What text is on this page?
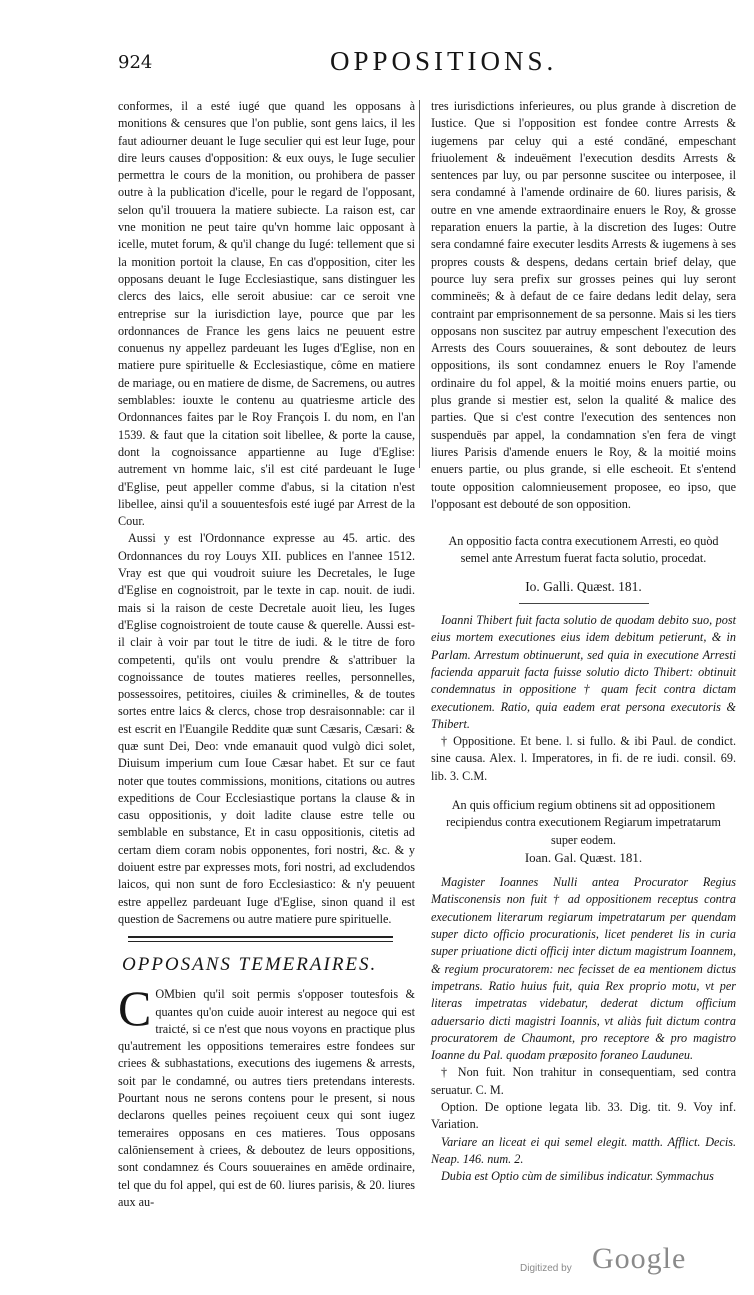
924	OPPOSITIONS.

conformes, il a esté iugé que quand les opposans à monitions & censures que l'on publie, sont gens laics, il les faut adiourner deuant le Iuge seculier qui est leur Iuge, pour dire leurs causes d'opposition: & eux ouys, le Iuge seculier permettra le cours de la monition, ou prohibera de passer outre à la publication d'icelle, pour le regard de l'opposant, selon qu'il trouuera la matiere subiecte. La raison est, car vne monition ne peut taire qu'vn homme laic opposant à icelle, mutet forum, & qu'il change du Iugé: tellement que si la monition portoit la clause, En cas d'opposition, citer les opposans deuant le Iuge Ecclesiastique, sans distinguer les clercs des laics, elle seroit abusiue: car ce seroit vne entreprise sur la iurisdiction laye, pource que par les ordonnances de France les gens laics ne peuuent estre conuenus ny appellez pardeuant les Iuges d'Eglise, non en matiere pure spirituelle & Ecclesiastique, côme en matiere de mariage, ou en matiere de disme, de Sacremens, ou autres semblables: iouxte le contenu au quatriesme article des Ordonnances faites par le Roy François I. du nom, en l'an 1539. & faut que la citation soit libellee, & porte la cause, dont la cognoissance appartienne au Iuge d'Eglise: autrement vn homme laic, s'il est cité pardeuant le Iuge d'Eglise, peut appeller comme d'abus, si la citation n'est libellee, ainsi qu'il a souuentesfois esté iugé par Arrest de la Cour.

Aussi y est l'Ordonnance expresse au 45. artic. des Ordonnances du roy Louys XII. publices en l'annee 1512. Vray est que qui voudroit suiure les Decretales, le Iuge d'Eglise en cognoistroit, par le texte in cap. nouit. de iudi. mais si la raison de ceste Decretale auoit lieu, les Iuges d'Eglise cognoistroient de toute cause & querelle. Aussi est-il clair à voir par tout le titre de iudi. & le titre de foro competenti, qu'ils ont voulu prendre & s'attribuer la cognoissance de toutes matieres reelles, personnelles, possessoires, petitoires, ciuiles & criminelles, & de toutes sortes entre laics & clercs, chose trop desraisonnable: car il est escrit en l'Euangile Reddite quæ sunt Cæsaris, Cæsari: & quæ sunt Dei, Deo: vnde emanauit quod vulgò dici solet, Diuisum imperium cum Ioue Cæsar habet. Et sur ce faut noter que toutes commissions, monitions, citations ou autres expeditions de Cour Ecclesiastique portans la clause & in casu oppositionis, y doit ladite clause estre telle ou semblable en substance, Et in casu oppositionis, citetis ad certam diem coram nobis opponentes, fori nostri, &c. & y doiuent estre par expresses mots, fori nostri, ad excludendos laicos, qui non sunt de foro Ecclesiastico: & n'y peuuent estre appellez pardeuant Iuge d'Eglise, sinon quand il est question de Sacremens ou autre matiere pure spirituelle.

OPPOSANS TEMERAIRES.

C OMbien qu'il soit permis s'opposer toutesfois & quantes qu'on cuide auoir interest au negoce qui est traicté, si ce n'est que nous voyons en practique plus qu'autrement les oppositions temeraires estre fondees sur criees & subhastations, executions des iugemens & arrests, soit par le condamné, ou autres tiers pretendans interests. Pourtant nous ne serons contens pour le present, si nous declarons quelles peines reçoiuent ceux qui sont iugez temeraires opposans en ces matieres. Tous opposans calōniensement à criees, & deboutez de leurs oppositions, sont condamnez és Cours souueraines en amēde ordinaire, tel que du fol appel, qui est de 60. liures parisis, & 20. liures aux au-

tres iurisdictions inferieures, ou plus grande à discretion de Iustice. Que si l'opposition est fondee contre Arrests & iugemens par celuy qui a esté condāné, empeschant friuolement & indeuëment l'execution desdits Arrests & sentences par luy, ou par personne suscitee ou interposee, il sera condamné à l'amende ordinaire de 60. liures parisis, & outre en vne amende extraordinaire enuers le Roy, & grosse reparation enuers la partie, à la discretion des Iuges: Outre sera condamné faire executer lesdits Arrests & iugemens à ses propres cousts & despens, dedans certain brief delay, que pource luy sera prefix sur grosses peines qui luy seront commineës; & à defaut de ce faire dedans ledit delay, sera contraint par emprisonnement de sa personne. Mais si les tiers opposans non suscitez par autruy empeschent l'execution des Arrests des Cours souueraines, & sont deboutez de leurs oppositions, ils sont condamnez enuers le Roy l'amende ordinaire du fol appel, & la moitié moins enuers partie, ou plus grande si mestier est, selon la qualité & malice des parties. Que si c'est contre l'execution des sentences non suspenduës par appel, la condamnation s'en fera de vingt liures Parisis d'amende enuers le Roy, & la moitié moins enuers partie, ou plus grande, si elle escheoit. Et s'entend toute opposition calomnieusement proposee, eo ipso, que l'opposant est debouté de son opposition.

An oppositio facta contra executionem Arresti, eo quòd semel ante Arrestum fuerat facta solutio, procedat.

Io. Galli. Quæst. 181.

Ioanni Thibert fuit facta solutio de quodam debito suo, post eius mortem executiones eius idem debitum petierunt, & in Parlam. Arrestum obtinuerunt, sed quia in executione Arresti facienda apparuit facta fuisse solutio dicto Thibert: obtinuit condemnatus in oppositione † quam fecit contra dictam executionem. Ratio, quia eadem erat persona executoris & Thibert.

† Oppositione. Et bene. l. si fullo. & ibi Paul. de condict. sine causa. Alex. l. Imperatores, in fi. de re iudi. consil. 69. lib. 3. C.M.

An quis officium regium obtinens sit ad oppositionem recipiendus contra executionem Regiarum impetratarum super eodem.

Ioan. Gal. Quæst. 181.

Magister Ioannes Nulli antea Procurator Regius Matisconensis non fuit † ad oppositionem receptus contra executionem literarum regiarum impetratarum per quendam super dicto officio procurationis, licet penderet lis in curia super priuatione dicti officij inter dictum magistrum Ioannem, & regium procuratorem: nec fecisset de ea mentionem dictus impetrans. Ratio huius fuit, quia Rex proprio motu, vt per literas impetratas videbatur, dederat dictum officium aduersario dicti magistri Ioannis, vt aliàs fuit dictum contra procuratorem de Chaumont, pro receptore & pro magistro Ioanne du Pal. quodam præposito foraneo Lauduneu.

† Non fuit. Non trahitur in consequentiam, sed contra seruatur. C. M.

Option. De optione legata lib. 33. Dig. tit. 9. Voy inf. Variation.

Variare an liceat ei qui semel elegit. matth. Afflict. Decis. Neap. 146. num. 2.

Dubia est Optio cùm de similibus indicatur. Symmachus

Digitized by Google
